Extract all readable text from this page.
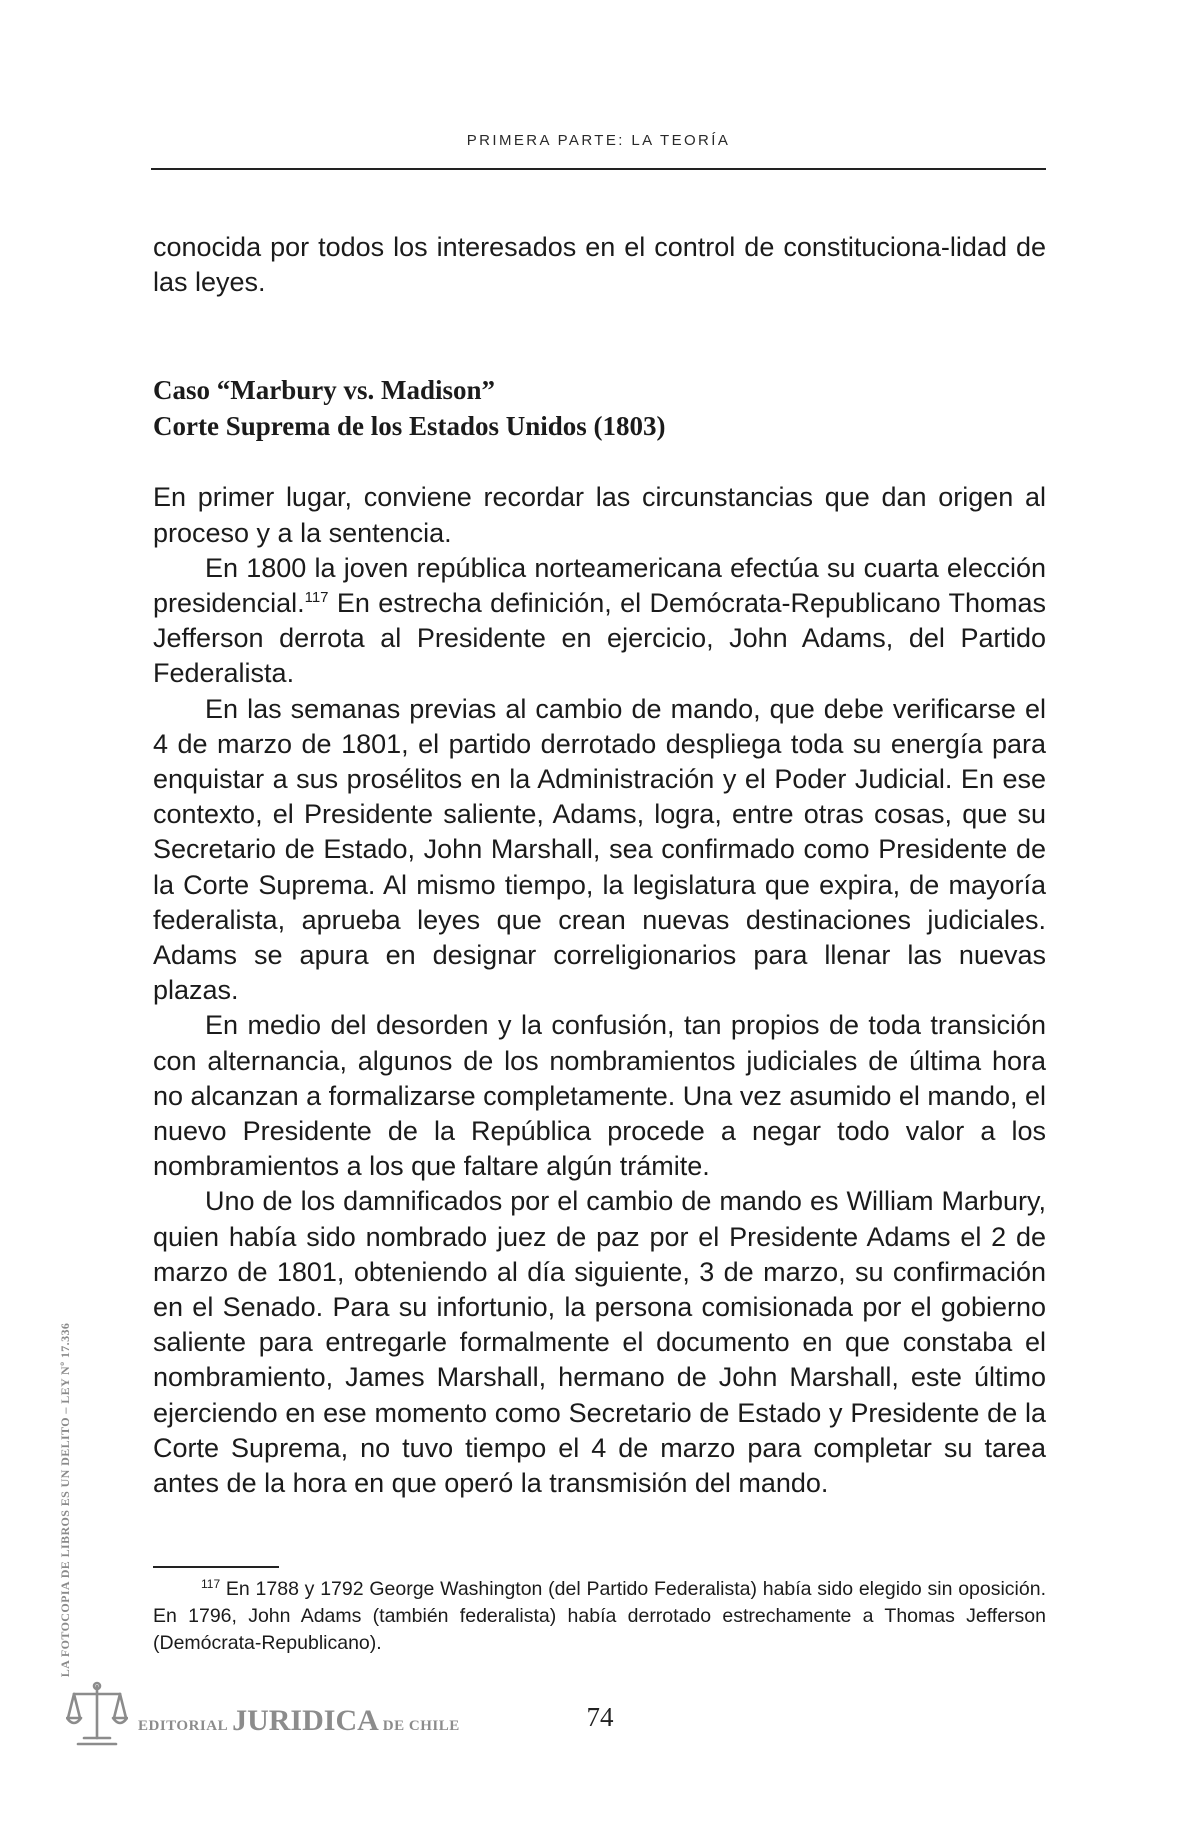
PRIMERA PARTE: LA TEORÍA

conocida por todos los interesados en el control de constituciona-lidad de las leyes.

Caso “Marbury vs. Madison”
Corte Suprema de los Estados Unidos (1803)

En primer lugar, conviene recordar las circunstancias que dan origen al proceso y a la sentencia.

En 1800 la joven república norteamericana efectúa su cuarta elección presidencial.$^{117}$ En estrecha definición, el Demócrata-Republicano Thomas Jefferson derrota al Presidente en ejercicio, John Adams, del Partido Federalista.

En las semanas previas al cambio de mando, que debe verificarse el 4 de marzo de 1801, el partido derrotado despliega toda su energía para enquistar a sus prosélitos en la Administración y el Poder Judicial. En ese contexto, el Presidente saliente, Adams, logra, entre otras cosas, que su Secretario de Estado, John Marshall, sea confirmado como Presidente de la Corte Suprema. Al mismo tiempo, la legislatura que expira, de mayoría federalista, aprueba leyes que crean nuevas destinaciones judiciales. Adams se apura en designar correligionarios para llenar las nuevas plazas.

En medio del desorden y la confusión, tan propios de toda transición con alternancia, algunos de los nombramientos judiciales de última hora no alcanzan a formalizarse completamente. Una vez asumido el mando, el nuevo Presidente de la República procede a negar todo valor a los nombramientos a los que faltare algún trámite.

Uno de los damnificados por el cambio de mando es William Marbury, quien había sido nombrado juez de paz por el Presidente Adams el 2 de marzo de 1801, obteniendo al día siguiente, 3 de marzo, su confirmación en el Senado. Para su infortunio, la persona comisionada por el gobierno saliente para entregarle formalmente el documento en que constaba el nombramiento, James Marshall, hermano de John Marshall, este último ejerciendo en ese momento como Secretario de Estado y Presidente de la Corte Suprema, no tuvo tiempo el 4 de marzo para completar su tarea antes de la hora en que operó la transmisión del mando.

$^{117}$ En 1788 y 1792 George Washington (del Partido Federalista) había sido elegido sin oposición. En 1796, John Adams (también federalista) había derrotado estrechamente a Thomas Jefferson (Demócrata-Republicano).

LA FOTOCOPIA DE LIBROS ES UN DELITO – LEY Nº 17.336
EDITORIAL JURIDICA DE CHILE	74
